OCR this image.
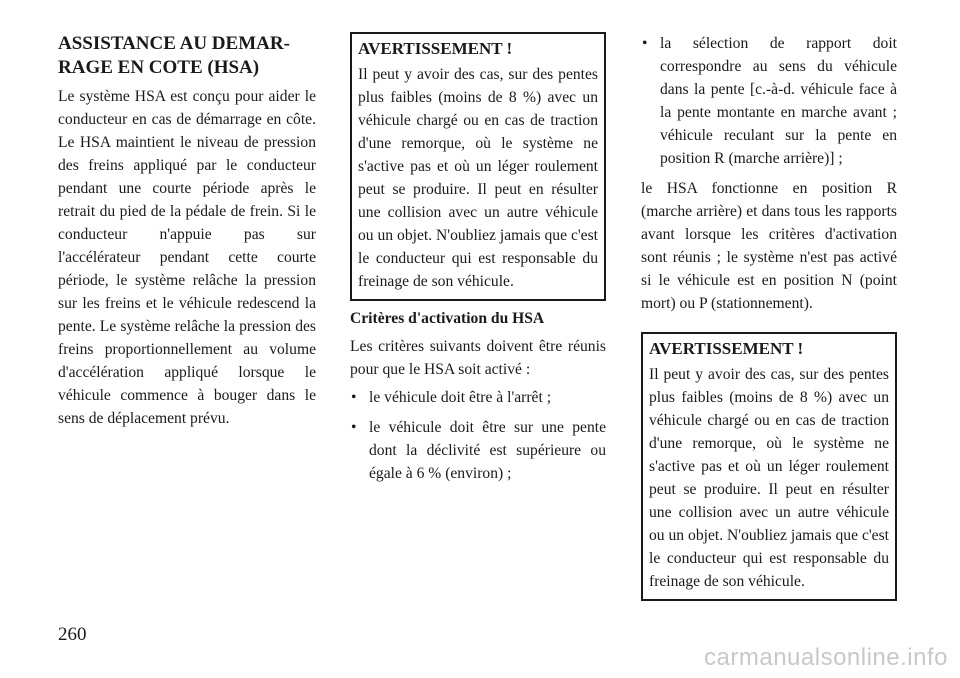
ASSISTANCE AU DEMAR-
RAGE EN COTE (HSA)

Le système HSA est conçu pour aider le conducteur en cas de démarrage en côte. Le HSA maintient le niveau de pression des freins appliqué par le conducteur pendant une courte période après le retrait du pied de la pédale de frein. Si le conducteur n'appuie pas sur l'accélérateur pendant cette courte période, le système relâche la pression sur les freins et le véhicule redescend la pente. Le système relâche la pression des freins proportionnellement au volume d'accélération appliqué lorsque le véhicule commence à bouger dans le sens de déplacement prévu.

AVERTISSEMENT !
Il peut y avoir des cas, sur des pentes plus faibles (moins de 8 %) avec un véhicule chargé ou en cas de traction d'une remorque, où le système ne s'active pas et où un léger roulement peut se produire. Il peut en résulter une collision avec un autre véhicule ou un objet. N'oubliez jamais que c'est le conducteur qui est responsable du freinage de son véhicule.
Critères d'activation du HSA

Les critères suivants doivent être réunis pour que le HSA soit activé :

• le véhicule doit être à l'arrêt ;
• le véhicule doit être sur une pente dont la déclivité est supérieure ou égale à 6 % (environ) ;
• la sélection de rapport doit correspondre au sens du véhicule dans la pente [c.-à-d. véhicule face à la pente montante en marche avant ; véhicule reculant sur la pente en position R (marche arrière)] ;

le HSA fonctionne en position R (marche arrière) et dans tous les rapports avant lorsque les critères d'activation sont réunis ; le système n'est pas activé si le véhicule est en position N (point mort) ou P (stationnement).

AVERTISSEMENT !
Il peut y avoir des cas, sur des pentes plus faibles (moins de 8 %) avec un véhicule chargé ou en cas de traction d'une remorque, où le système ne s'active pas et où un léger roulement peut se produire. Il peut en résulter une collision avec un autre véhicule ou un objet. N'oubliez jamais que c'est le conducteur qui est responsable du freinage de son véhicule.
260
carmanualsonline.info
